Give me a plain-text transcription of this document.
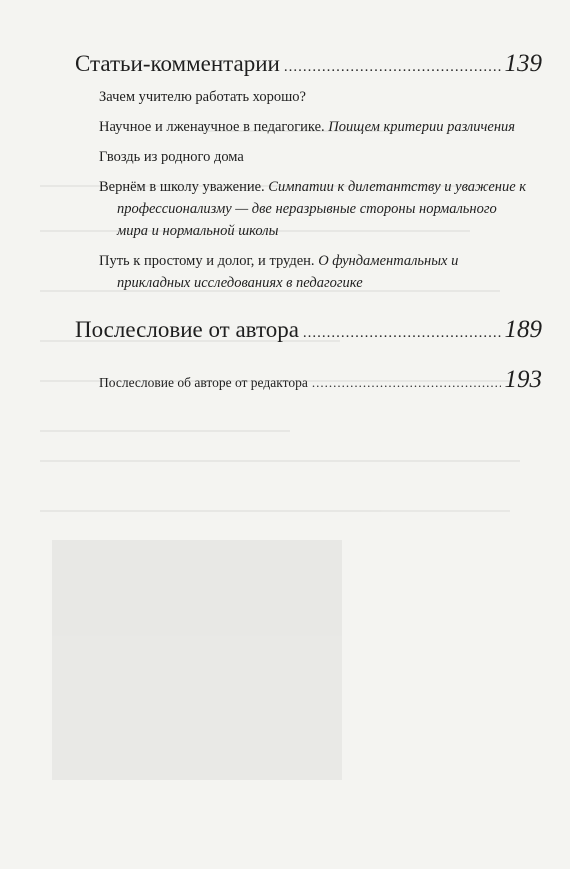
Статьи-комментарии .....	139
Зачем учителю работать хорошо?
Научное и лженаучное в педагогике. Поищем критерии различения
Гвоздь из родного дома
Вернём в школу уважение. Симпатии к дилетантству и уважение к профессионализму — две неразрывные стороны нормального мира и нормальной школы
Путь к простому и долог, и труден. О фундаментальных и прикладных исследованиях в педагогике
Послесловие от автора .....	189
Послесловие об авторе от редактора .....	193
